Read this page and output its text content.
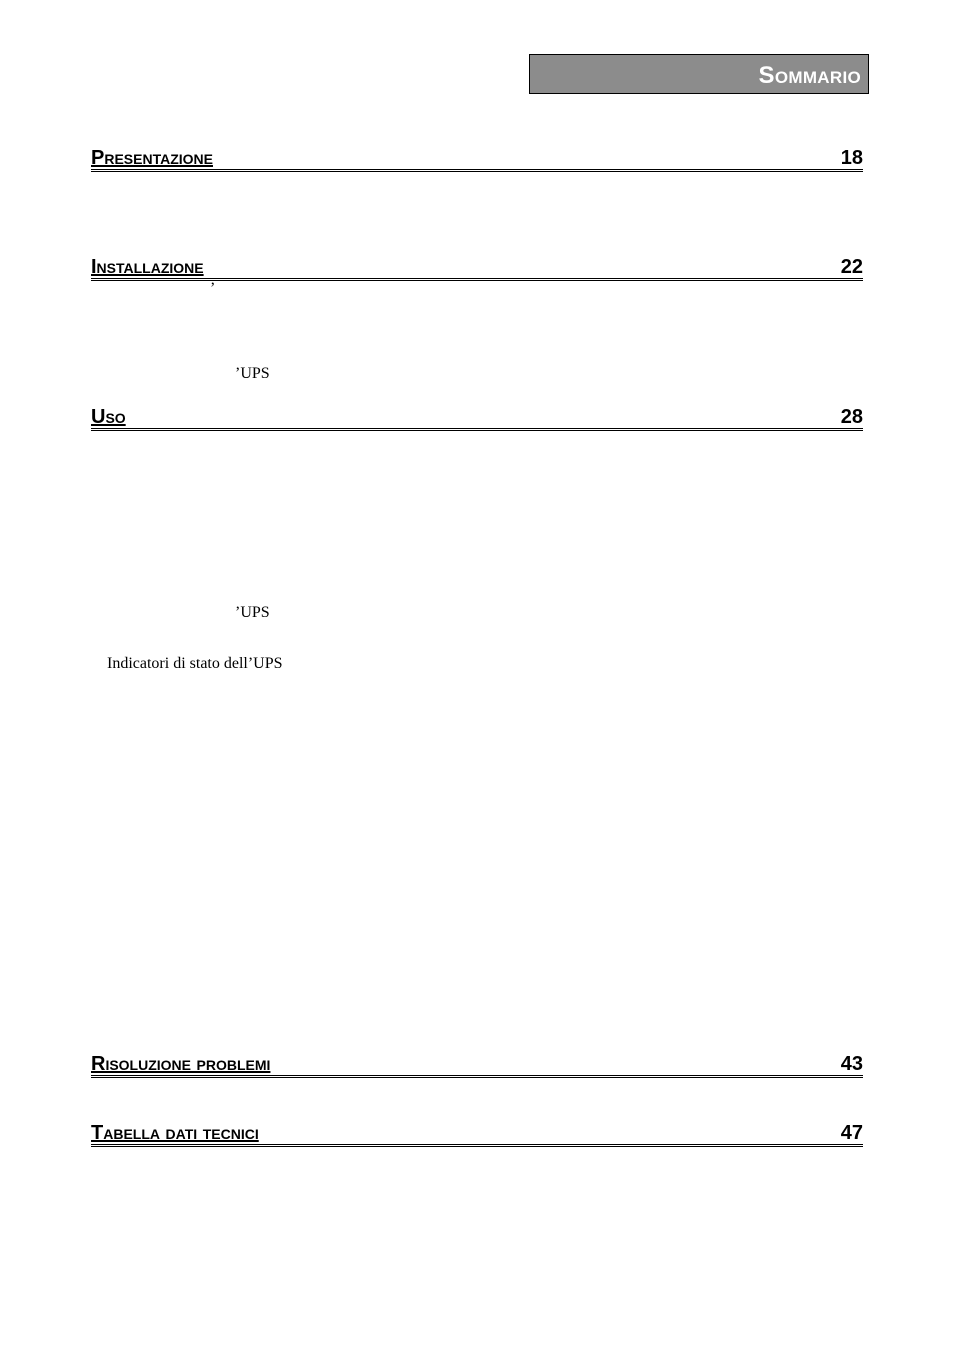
Sommario
Presentazione	18
Installazione	22
’
’UPS
Uso	28
’UPS
Indicatori di stato dell’UPS
Risoluzione problemi	43
Tabella dati tecnici	47
